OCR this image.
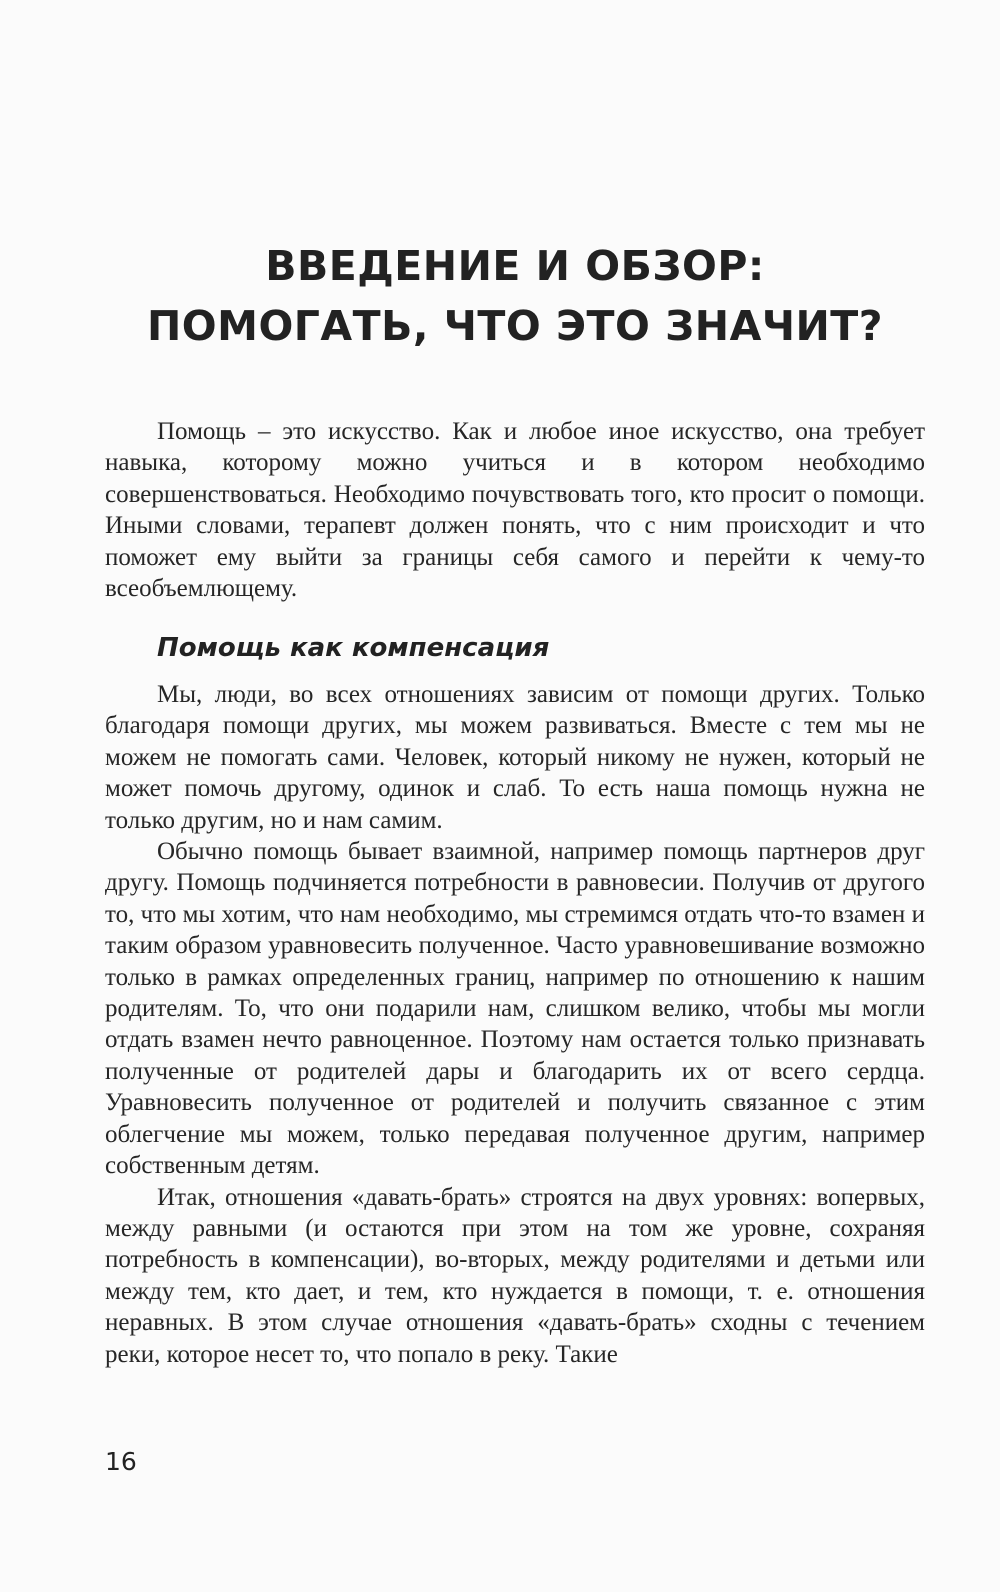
ВВЕДЕНИЕ И ОБЗОР:
ПОМОГАТЬ, ЧТО ЭТО ЗНАЧИТ?

Помощь – это искусство. Как и любое иное искусство, она требует навыка, которому можно учиться и в котором необходимо совершенствоваться. Необходимо почувствовать того, кто просит о помощи. Иными словами, терапевт должен понять, что с ним происходит и что поможет ему выйти за границы себя самого и перейти к чему-то всеобъемлющему.

Помощь как компенсация

Мы, люди, во всех отношениях зависим от помощи других. Только благодаря помощи других, мы можем развиваться. Вместе с тем мы не можем не помогать сами. Человек, который никому не нужен, который не может помочь другому, одинок и слаб. То есть наша помощь нужна не только другим, но и нам самим.

Обычно помощь бывает взаимной, например помощь партнеров друг другу. Помощь подчиняется потребности в равновесии. Получив от другого то, что мы хотим, что нам необходимо, мы стремимся отдать что-то взамен и таким образом уравновесить полученное. Часто уравновешивание возможно только в рамках определенных границ, например по отношению к нашим родителям. То, что они подарили нам, слишком велико, чтобы мы могли отдать взамен нечто равноценное. Поэтому нам остается только признавать полученные от родителей дары и благодарить их от всего сердца. Уравновесить полученное от родителей и получить связанное с этим облегчение мы можем, только передавая полученное другим, например собственным детям.

Итак, отношения «давать-брать» строятся на двух уровнях: вопервых, между равными (и остаются при этом на том же уровне, сохраняя потребность в компенсации), во-вторых, между родителями и детьми или между тем, кто дает, и тем, кто нуждается в помощи, т. е. отношения неравных. В этом случае отношения «давать-брать» сходны с течением реки, которое несет то, что попало в реку. Такие

16
